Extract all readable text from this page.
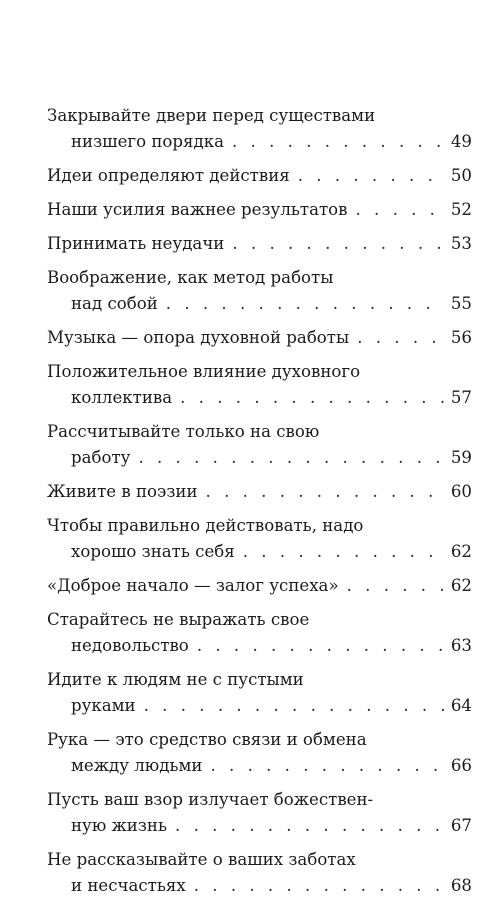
Закрывайте двери перед существами
низшего порядка . . .	49
Идеи определяют действия . . .	50
Наши усилия важнее результатов . . .	52
Принимать неудачи . . .	53
Воображение, как метод работы
над собой . . .	55
Музыка — опора духовной работы . . .	56
Положительное влияние духовного
коллектива . . .	57
Рассчитывайте только на свою
работу . . .	59
Живите в поэзии . . .	60
Чтобы правильно действовать, надо
хорошо знать себя . . .	62
«Доброе начало — залог успеха» . . .	62
Старайтесь не выражать свое
недовольство . . .	63
Идите к людям не с пустыми
руками . . .	64
Рука — это средство связи и обмена
между людьми . . .	66
Пусть ваш взор излучает божествен-
ную жизнь . . .	67
Не рассказывайте о ваших заботах
и несчастьях . . .	68
